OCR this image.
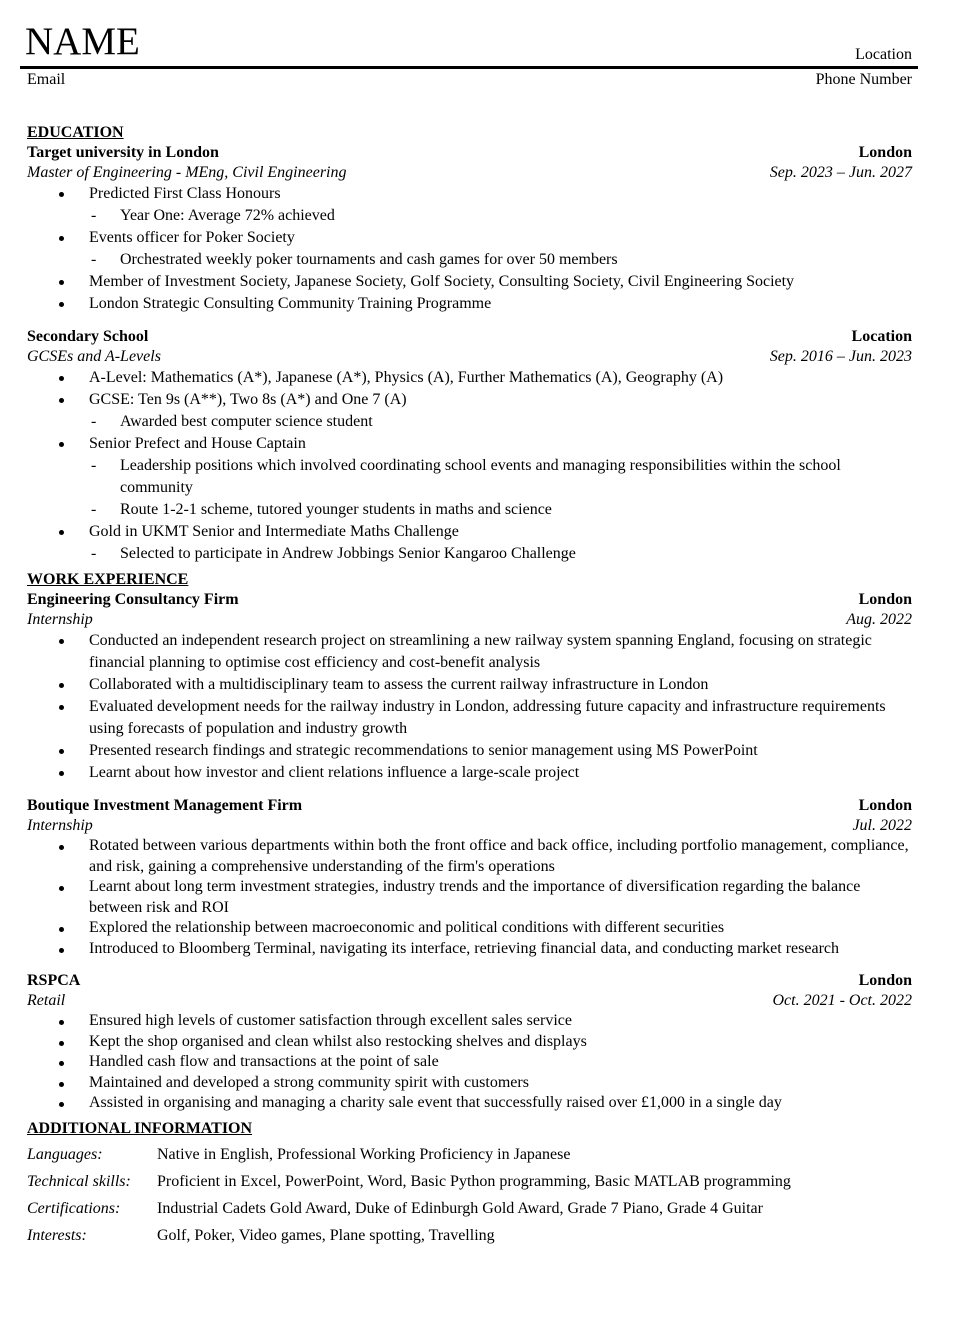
NAME	Location
Email	Phone Number
EDUCATION
Target university in London	London
Master of Engineering - MEng, Civil Engineering	Sep. 2023 – Jun. 2027
Predicted First Class Honours
- Year One: Average 72% achieved
Events officer for Poker Society
- Orchestrated weekly poker tournaments and cash games for over 50 members
Member of Investment Society, Japanese Society, Golf Society, Consulting Society, Civil Engineering Society
London Strategic Consulting Community Training Programme
Secondary School	Location
GCSEs and A-Levels	Sep. 2016 – Jun. 2023
A-Level: Mathematics (A*), Japanese (A*), Physics (A), Further Mathematics (A), Geography (A)
GCSE: Ten 9s (A**), Two 8s (A*) and One 7 (A)
- Awarded best computer science student
Senior Prefect and House Captain
- Leadership positions which involved coordinating school events and managing responsibilities within the school community
- Route 1-2-1 scheme, tutored younger students in maths and science
Gold in UKMT Senior and Intermediate Maths Challenge
- Selected to participate in Andrew Jobbings Senior Kangaroo Challenge
WORK EXPERIENCE
Engineering Consultancy Firm	London
Internship	Aug. 2022
Conducted an independent research project on streamlining a new railway system spanning England, focusing on strategic financial planning to optimise cost efficiency and cost-benefit analysis
Collaborated with a multidisciplinary team to assess the current railway infrastructure in London
Evaluated development needs for the railway industry in London, addressing future capacity and infrastructure requirements using forecasts of population and industry growth
Presented research findings and strategic recommendations to senior management using MS PowerPoint
Learnt about how investor and client relations influence a large-scale project
Boutique Investment Management Firm	London
Internship	Jul. 2022
Rotated between various departments within both the front office and back office, including portfolio management, compliance, and risk, gaining a comprehensive understanding of the firm's operations
Learnt about long term investment strategies, industry trends and the importance of diversification regarding the balance between risk and ROI
Explored the relationship between macroeconomic and political conditions with different securities
Introduced to Bloomberg Terminal, navigating its interface, retrieving financial data, and conducting market research
RSPCA	London
Retail	Oct. 2021 - Oct. 2022
Ensured high levels of customer satisfaction through excellent sales service
Kept the shop organised and clean whilst also restocking shelves and displays
Handled cash flow and transactions at the point of sale
Maintained and developed a strong community spirit with customers
Assisted in organising and managing a charity sale event that successfully raised over £1,000 in a single day
ADDITIONAL INFORMATION
Languages:	Native in English, Professional Working Proficiency in Japanese
Technical skills:	Proficient in Excel, PowerPoint, Word, Basic Python programming, Basic MATLAB programming
Certifications:	Industrial Cadets Gold Award, Duke of Edinburgh Gold Award, Grade 7 Piano, Grade 4 Guitar
Interests:	Golf, Poker, Video games, Plane spotting, Travelling
